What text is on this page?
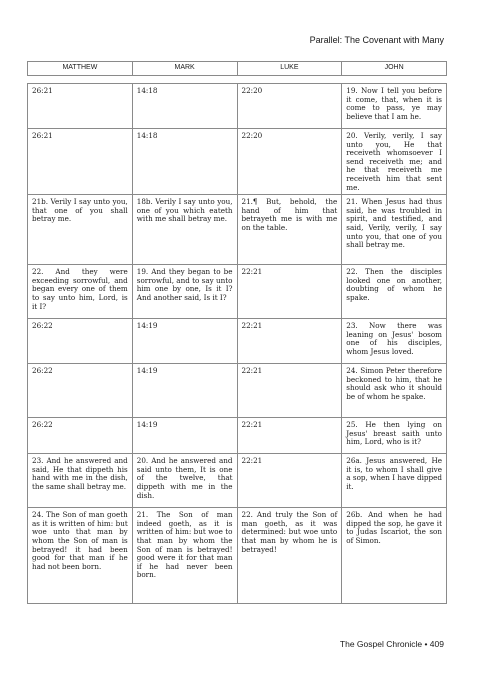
Parallel: The Covenant with Many
MATTHEW	MARK	LUKE	JOHN

26:21	14:18	22:20	19. Now I tell you before it come, that, when it is come to pass, ye may believe that I am he.
26:21	14:18	22:20	20. Verily, verily, I say unto you, He that receiveth whomsoever I send receiveth me; and he that receiveth me receiveth him that sent me.
21b. Verily I say unto you, that one of you shall betray me.	18b. Verily I say unto you, one of you which eateth with me shall betray me.	21.¶ But, behold, the hand of him that betrayeth me is with me on the table.	21. When Jesus had thus said, he was troubled in spirit, and testified, and said, Verily, verily, I say unto you, that one of you shall betray me.
22. And they were exceeding sorrowful, and began every one of them to say unto him, Lord, is it I?	19. And they began to be sorrowful, and to say unto him one by one, Is it I? And another said, Is it I?	22:21	22. Then the disciples looked one on another, doubting of whom he spake.
26:22	14:19	22:21	23. Now there was leaning on Jesus' bosom one of his disciples, whom Jesus loved.
26:22	14:19	22:21	24. Simon Peter therefore beckoned to him, that he should ask who it should be of whom he spake.
26:22	14:19	22:21	25. He then lying on Jesus' breast saith unto him, Lord, who is it?
23. And he answered and said, He that dippeth his hand with me in the dish, the same shall betray me.	20. And he answered and said unto them, It is one of the twelve, that dippeth with me in the dish.	22:21	26a. Jesus answered, He it is, to whom I shall give a sop, when I have dipped it.
24. The Son of man goeth as it is written of him: but woe unto that man by whom the Son of man is betrayed! it had been good for that man if he had not been born.	21. The Son of man indeed goeth, as it is written of him: but woe to that man by whom the Son of man is betrayed! good were it for that man if he had never been born.	22. And truly the Son of man goeth, as it was determined: but woe unto that man by whom he is betrayed!	26b. And when he had dipped the sop, he gave it to Judas Iscariot, the son of Simon.
The Gospel Chronicle • 409
